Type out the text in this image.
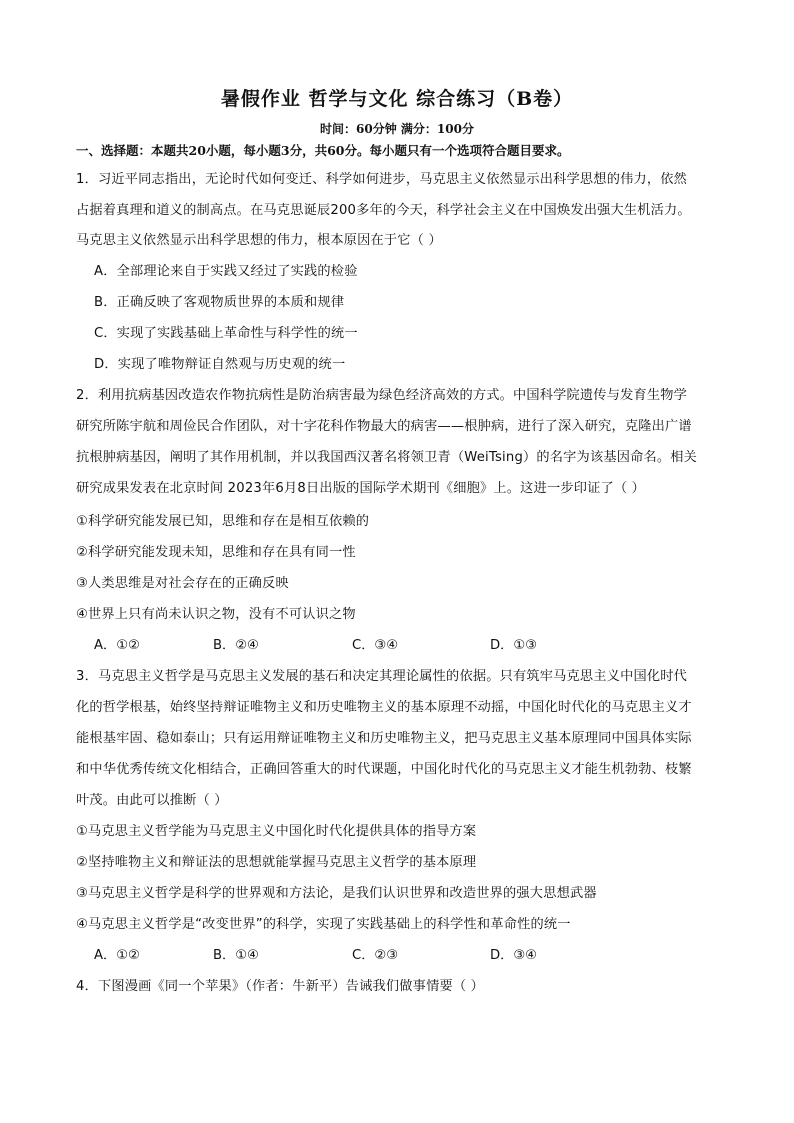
暑假作业 哲学与文化 综合练习（B卷）
时间：60分钟 满分：100分
一、选择题：本题共20小题，每小题3分，共60分。每小题只有一个选项符合题目要求。
1．习近平同志指出，无论时代如何变迁、科学如何进步，马克思主义依然显示出科学思想的伟力，依然
占据着真理和道义的制高点。在马克思诞辰200多年的今天，科学社会主义在中国焕发出强大生机活力。
马克思主义依然显示出科学思想的伟力，根本原因在于它（ ）
A．全部理论来自于实践又经过了实践的检验
B．正确反映了客观物质世界的本质和规律
C．实现了实践基础上革命性与科学性的统一
D．实现了唯物辩证自然观与历史观的统一
2．利用抗病基因改造农作物抗病性是防治病害最为绿色经济高效的方式。中国科学院遗传与发育生物学
研究所陈宇航和周俭民合作团队，对十字花科作物最大的病害——根肿病，进行了深入研究，克隆出广谱
抗根肿病基因，阐明了其作用机制，并以我国西汉著名将领卫青（WeiTsing）的名字为该基因命名。相关
研究成果发表在北京时间 2023年6月8日出版的国际学术期刊《细胞》上。这进一步印证了（ ）
①科学研究能发展已知，思维和存在是相互依赖的
②科学研究能发现未知，思维和存在具有同一性
③人类思维是对社会存在的正确反映
④世界上只有尚未认识之物，没有不可认识之物
A．①②	B．②④	C．③④	D．①③
3．马克思主义哲学是马克思主义发展的基石和决定其理论属性的依据。只有筑牢马克思主义中国化时代
化的哲学根基，始终坚持辩证唯物主义和历史唯物主义的基本原理不动摇，中国化时代化的马克思主义才
能根基牢固、稳如泰山；只有运用辩证唯物主义和历史唯物主义，把马克思主义基本原理同中国具体实际
和中华优秀传统文化相结合，正确回答重大的时代课题，中国化时代化的马克思主义才能生机勃勃、枝繁
叶茂。由此可以推断（ ）
①马克思主义哲学能为马克思主义中国化时代化提供具体的指导方案
②坚持唯物主义和辩证法的思想就能掌握马克思主义哲学的基本原理
③马克思主义哲学是科学的世界观和方法论，是我们认识世界和改造世界的强大思想武器
④马克思主义哲学是“改变世界”的科学，实现了实践基础上的科学性和革命性的统一
A．①②	B．①④	C．②③	D．③④
4．下图漫画《同一个苹果》（作者：牛新平）告诫我们做事情要（ ）
